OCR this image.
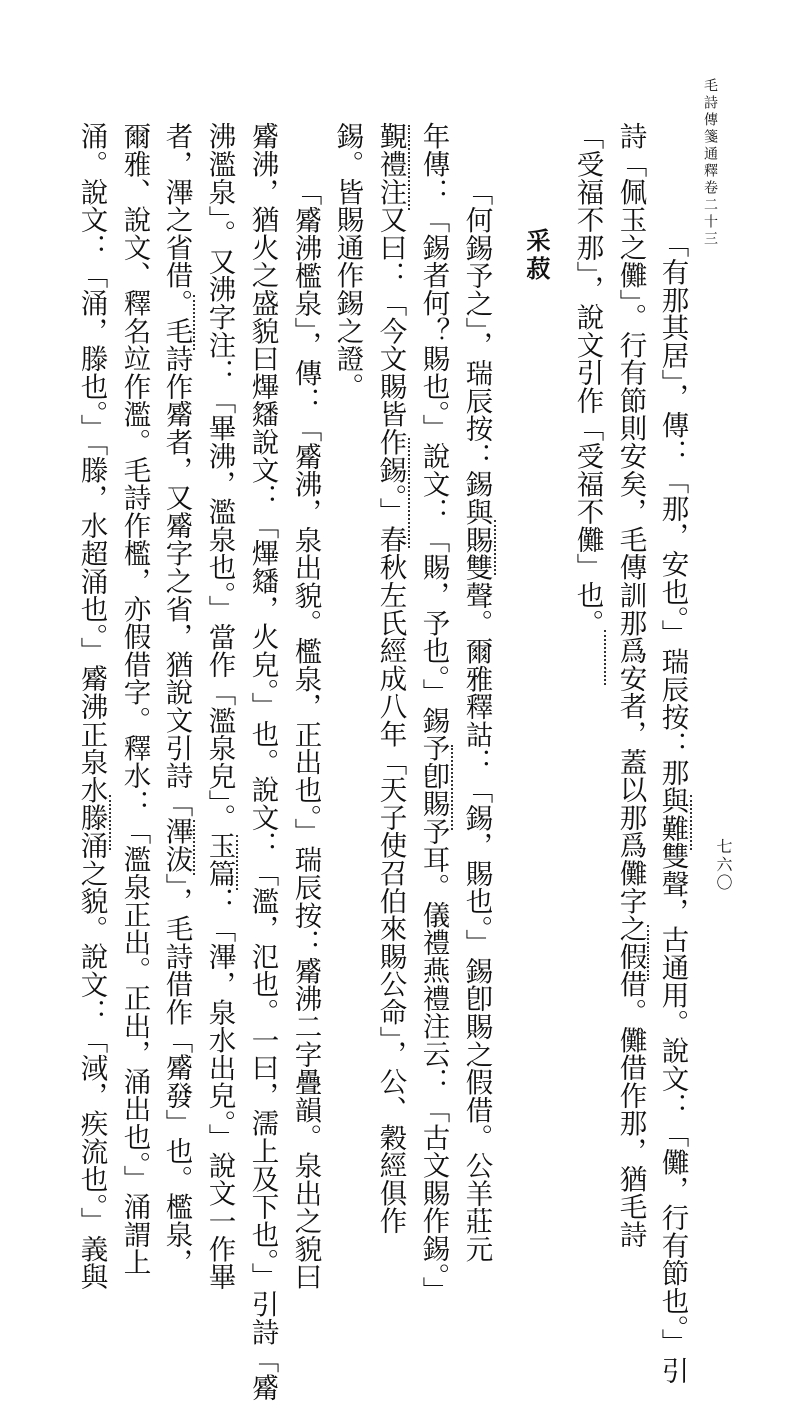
毛詩傳箋通釋卷二十三
七六〇
「有那其居」，傳：「那，安也。」瑞辰按：那與難雙聲，古通用。說文：「儺，行有節也。」引
詩「佩玉之儺」。行有節則安矣，毛傳訓那爲安者，蓋以那爲儺字之假借。儺借作那，猶毛詩
「受福不那」，說文引作「受福不儺」也。
采菽
「何錫予之」，瑞辰按：錫與賜雙聲。爾雅釋詁：「錫，賜也。」錫卽賜之假借。公羊莊元
年傳：「錫者何？賜也。」說文：「賜，予也。」錫予卽賜予耳。儀禮燕禮注云：「古文賜作錫。」
覲禮注又曰：「今文賜皆作錫。」春秋左氏經成八年「天子使召伯來賜公命」，公、穀經俱作
錫。皆賜通作錫之證。
「觱沸檻泉」，傳：「觱沸，泉出貌。檻泉，正出也。」瑞辰按：觱沸二字疊韻。泉出之貌曰
觱沸，猶火之盛貌曰熚㸋說文：「熚㸋，火皃。」也。說文：「濫，氾也。一曰，濡上及下也。」引詩「觱
沸濫泉」。又沸字注：「畢沸，濫泉也。」當作「濫泉皃」。玉篇：「滭，泉水出皃。」說文一作畢
者，滭之省借。毛詩作觱者，又觱字之省，猶說文引詩「滭沷」，毛詩借作「觱發」也。檻泉，
爾雅、說文、釋名竝作濫。毛詩作檻，亦假借字。釋水：「濫泉正出。正出，涌出也。」涌謂上
涌。說文：「涌，滕也。」「滕，水超涌也。」觱沸正泉水滕涌之貌。說文：「淢，疾流也。」義與
